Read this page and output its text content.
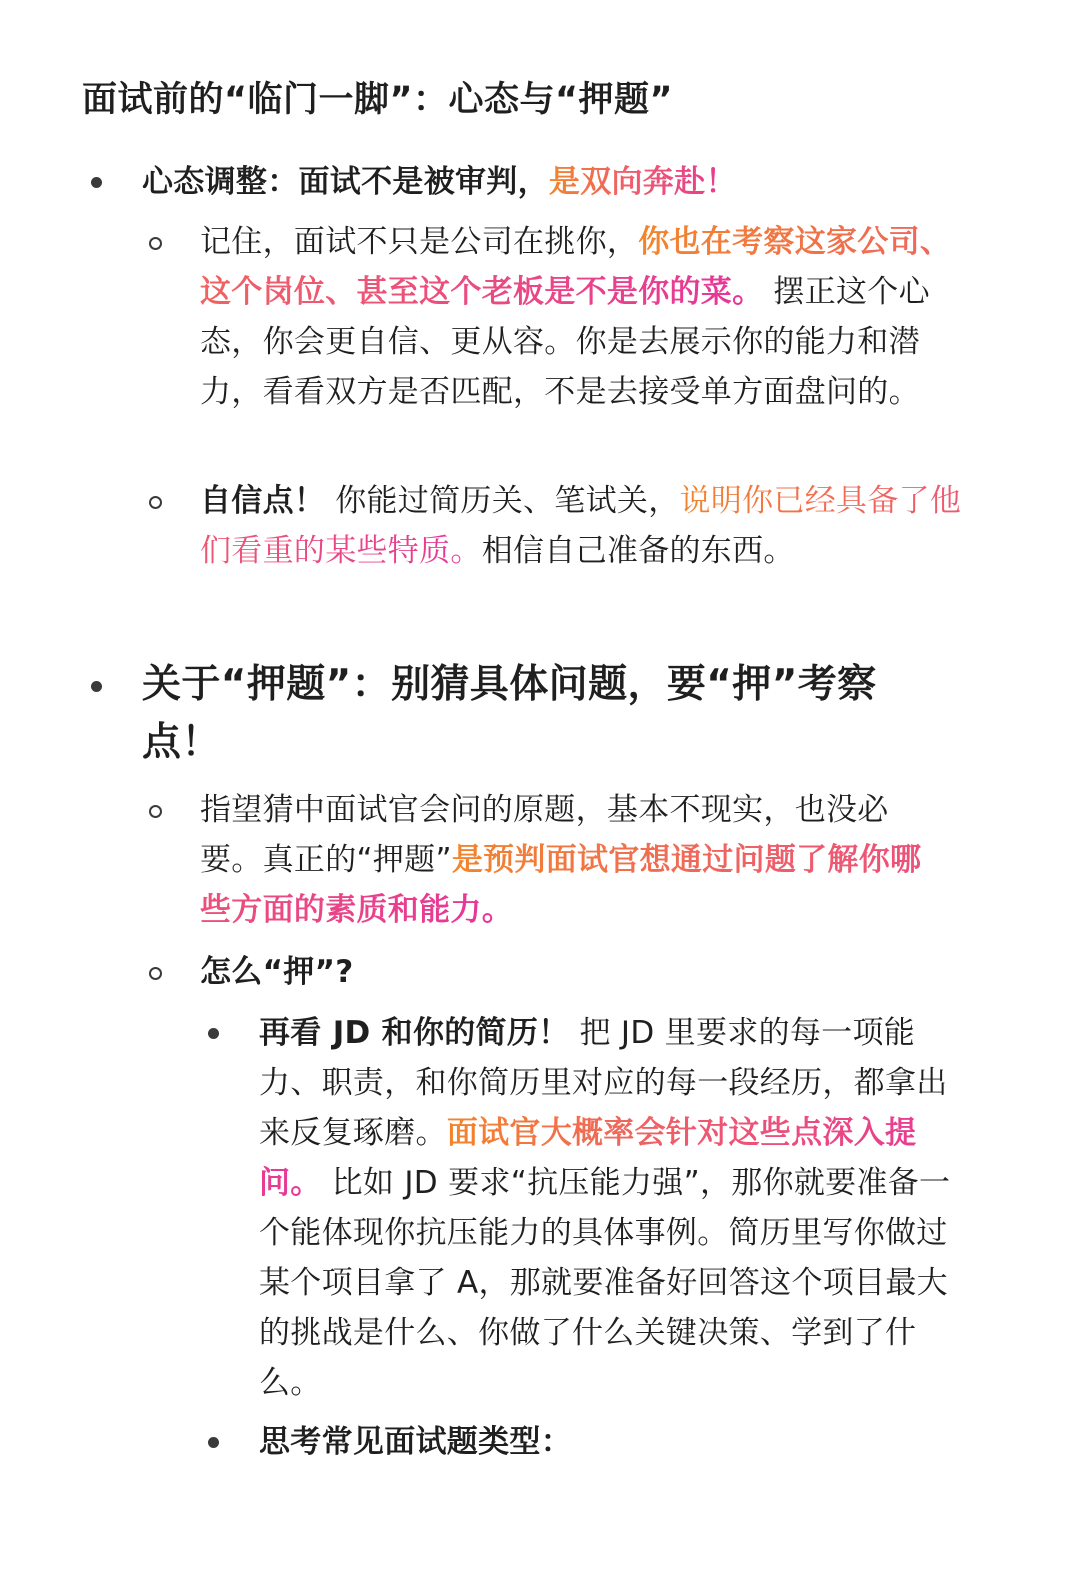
面试前的“临门一脚”：心态与“押题”
心态调整：面试不是被审判，是双向奔赴！
记住，面试不只是公司在挑你，你也在考察这家公司、这个岗位、甚至这个老板是不是你的菜。 摆正这个心态，你会更自信、更从容。你是去展示你的能力和潜力，看看双方是否匹配，不是去接受单方面盘问的。
自信点！ 你能过简历关、笔试关，说明你已经具备了他们看重的某些特质。相信自己准备的东西。
关于“押题”：别猜具体问题，要“押”考察点！
指望猜中面试官会问的原题，基本不现实，也没必要。真正的“押题”是预判面试官想通过问题了解你哪些方面的素质和能力。
怎么“押”?
再看 JD 和你的简历！ 把 JD 里要求的每一项能力、职责，和你简历里对应的每一段经历，都拿出来反复琢磨。面试官大概率会针对这些点深入提问。 比如 JD 要求“抗压能力强”，那你就要准备一个能体现你抗压能力的具体事例。简历里写你做过某个项目拿了 A，那就要准备好回答这个项目最大的挑战是什么、你做了什么关键决策、学到了什么。
思考常见面试题类型：
